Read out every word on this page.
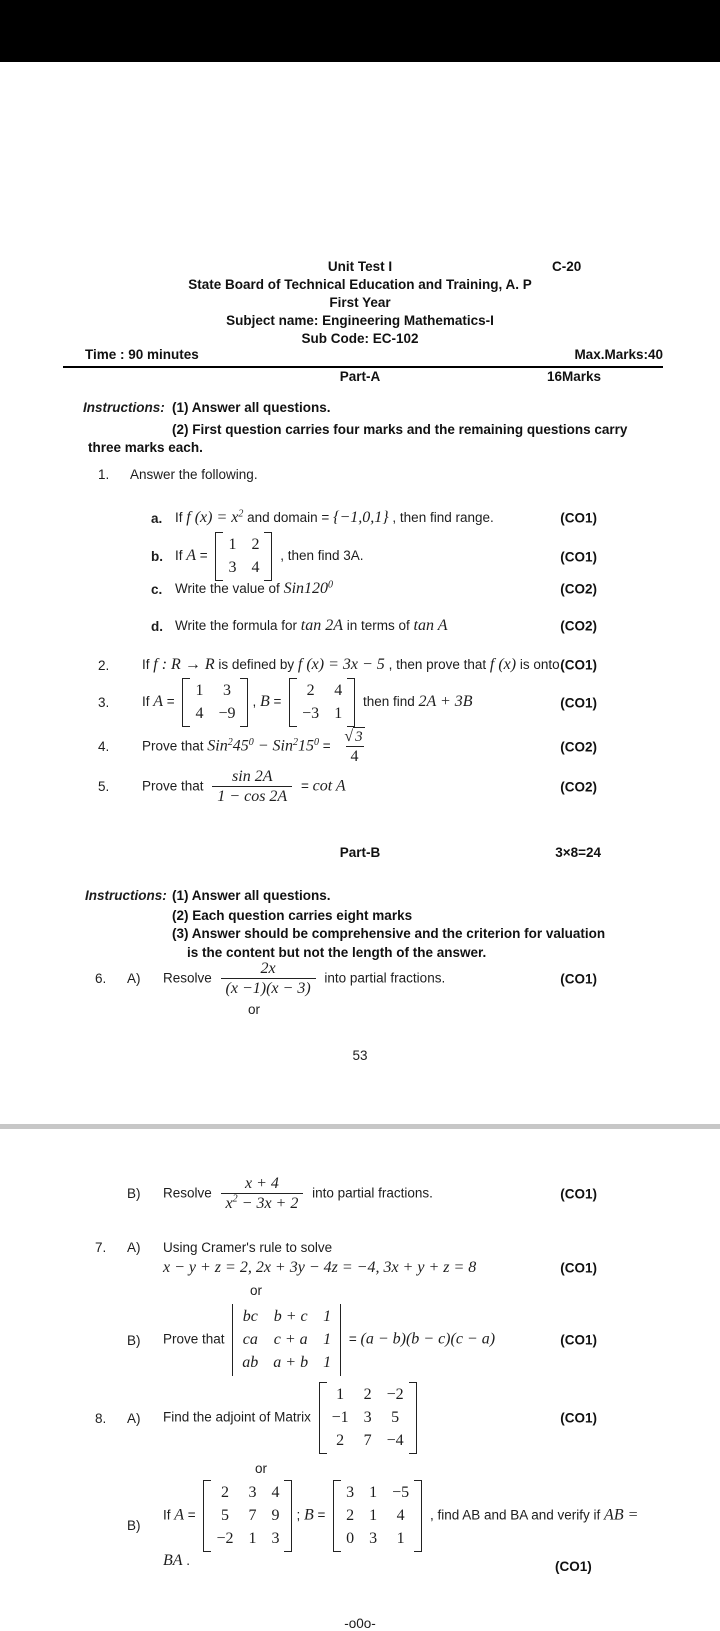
Unit Test I	C-20
State Board of Technical Education and Training, A. P
First Year
Subject name: Engineering Mathematics-I
Sub Code: EC-102
Time : 90 minutes	Max.Marks:40
Part-A	16Marks
Instructions: (1) Answer all questions.
(2) First question carries four marks and the remaining questions carry
three marks each.
1.	Answer the following.
a. If f $(x) = x^2$ and domain = {−1,0,1} , then find range.	(CO1)
b. If A =
1 2
3 4
, then find 3A.	(CO1)
c. Write the value of $Sin120^0$	(CO2)
d. Write the formula for tan 2A in terms of tan A	(CO2)
2.	If f : R → R is defined by f (x) = 3x − 5 , then prove that f (x) is onto.
(CO1)
3.	If A =
1 3
4 −9
, B =
2 4
−3 1
then find 2A + 3B	(CO1)
4.	Prove that $Sin^245^0 - Sin^215^0 = \frac{√ 3}{4}$	(CO2)
5.	Prove that $\frac{\sin 2A}{1 - \cos 2A} = \cot A$	(CO2)
Part-B	3×8=24
Instructions: (1) Answer all questions.
(2) Each question carries eight marks
(3) Answer should be comprehensive and the criterion for valuation
is the content but not the length of the answer.
6.	A)	Resolve $\frac{2x}{(x -1)(x - 3)}$ into partial fractions.	(CO1)
or
53
B)	Resolve $\frac{x + 4}{x^2 - 3x + 2}$ into partial fractions.	(CO1)
7.	A)	Using Cramer's rule to solve
x − y + z = 2, 2x + 3y − 4z = −4, 3x + y + z = 8	(CO1)
or
B)	Prove that
bc b + c 1
ca c + a 1
ab a + b 1
= (a − b)(b − c)(c − a)	(CO1)
8.	A)	Find the adjoint of Matrix
1 2 −2
−1 3 5
2 7 −4
(CO1)
or
B)
If A =
2 3 4
5 7 9
−2 1 3
; B =
3 1 −5
2 1 4
0 3 1
, find AB and BA and verify if AB = BA .	(CO1)
-o0o-
